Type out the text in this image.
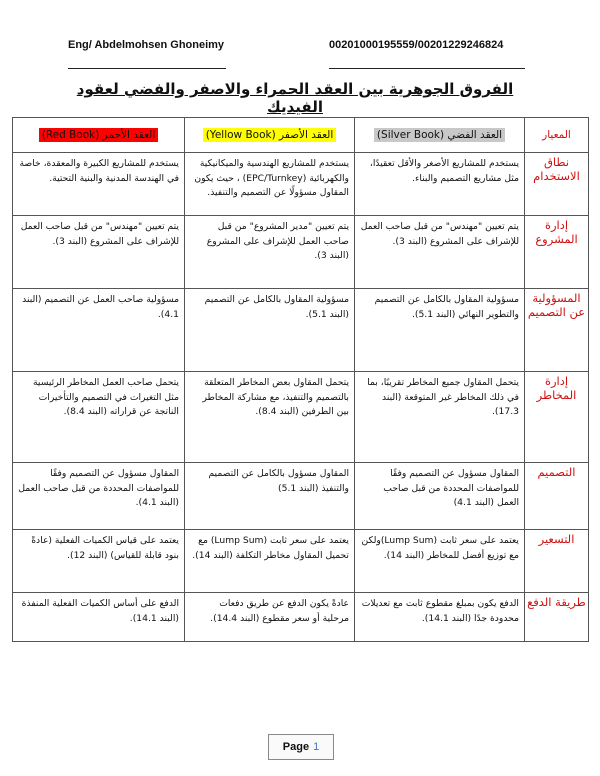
Eng/ Abdelmohsen Ghoneimy	00201000195559/00201229246824
الفروق الجوهرية بين العقد الحمراء والاصفر والفضي لعقود الفيديك
المعيار	العقد الفضي (Silver Book)	العقد الأصفر (Yellow Book)	العقد الأحمر (Red Book)
نطاق الاستخدام	يستخدم للمشاريع الأصغر والأقل تعقيدًا، مثل مشاريع التصميم والبناء.	يستخدم للمشاريع الهندسية والميكانيكية والكهربائية (EPC/Turnkey) ، حيث يكون المقاول مسؤولًا عن التصميم والتنفيذ.	يستخدم للمشاريع الكبيرة والمعقدة، خاصة في الهندسة المدنية والبنية التحتية.
إدارة المشروع	يتم تعيين "مهندس" من قبل صاحب العمل للإشراف على المشروع (البند 3).	يتم تعيين "مدير المشروع" من قبل صاحب العمل للإشراف على المشروع (البند 3).	يتم تعيين "مهندس" من قبل صاحب العمل للإشراف على المشروع (البند 3).
المسؤولية عن التصميم	مسؤولية المقاول بالكامل عن التصميم والتطوير النهائي (البند 5.1).	مسؤولية المقاول بالكامل عن التصميم (البند 5.1).	مسؤولية صاحب العمل عن التصميم (البند 4.1).
إدارة المخاطر	يتحمل المقاول جميع المخاطر تقريبًا، بما في ذلك المخاطر غير المتوقعة (البند 17.3).	يتحمل المقاول بعض المخاطر المتعلقة بالتصميم والتنفيذ، مع مشاركة المخاطر بين الطرفين (البند 8.4).	يتحمل صاحب العمل المخاطر الرئيسية مثل التغيرات في التصميم والتأخيرات الناتجة عن قراراته (البند 8.4).
التصميم	المقاول مسؤول عن التصميم وفقًا للمواصفات المحددة من قبل صاحب العمل (البند 4.1)	المقاول مسؤول بالكامل عن التصميم والتنفيذ (البند 5.1)	المقاول مسؤول عن التصميم وفقًا للمواصفات المحددة من قبل صاحب العمل (البند 4.1).
التسعير	يعتمد على سعر ثابت (Lump Sum)ولكن مع توزيع أفضل للمخاطر (البند 14).	يعتمد على سعر ثابت (Lump Sum) مع تحميل المقاول مخاطر التكلفة (البند 14).	يعتمد على قياس الكميات الفعلية (عادةً بنود قابلة للقياس) (البند 12).
طريقة الدفع	الدفع يكون بمبلغ مقطوع ثابت مع تعديلات محدودة جدًا (البند 14.1).	عادةً يكون الدفع عن طريق دفعات مرحلية أو سعر مقطوع (البند 14.4).	الدفع على أساس الكميات الفعلية المنفذة (البند 14.1).
Page 1
